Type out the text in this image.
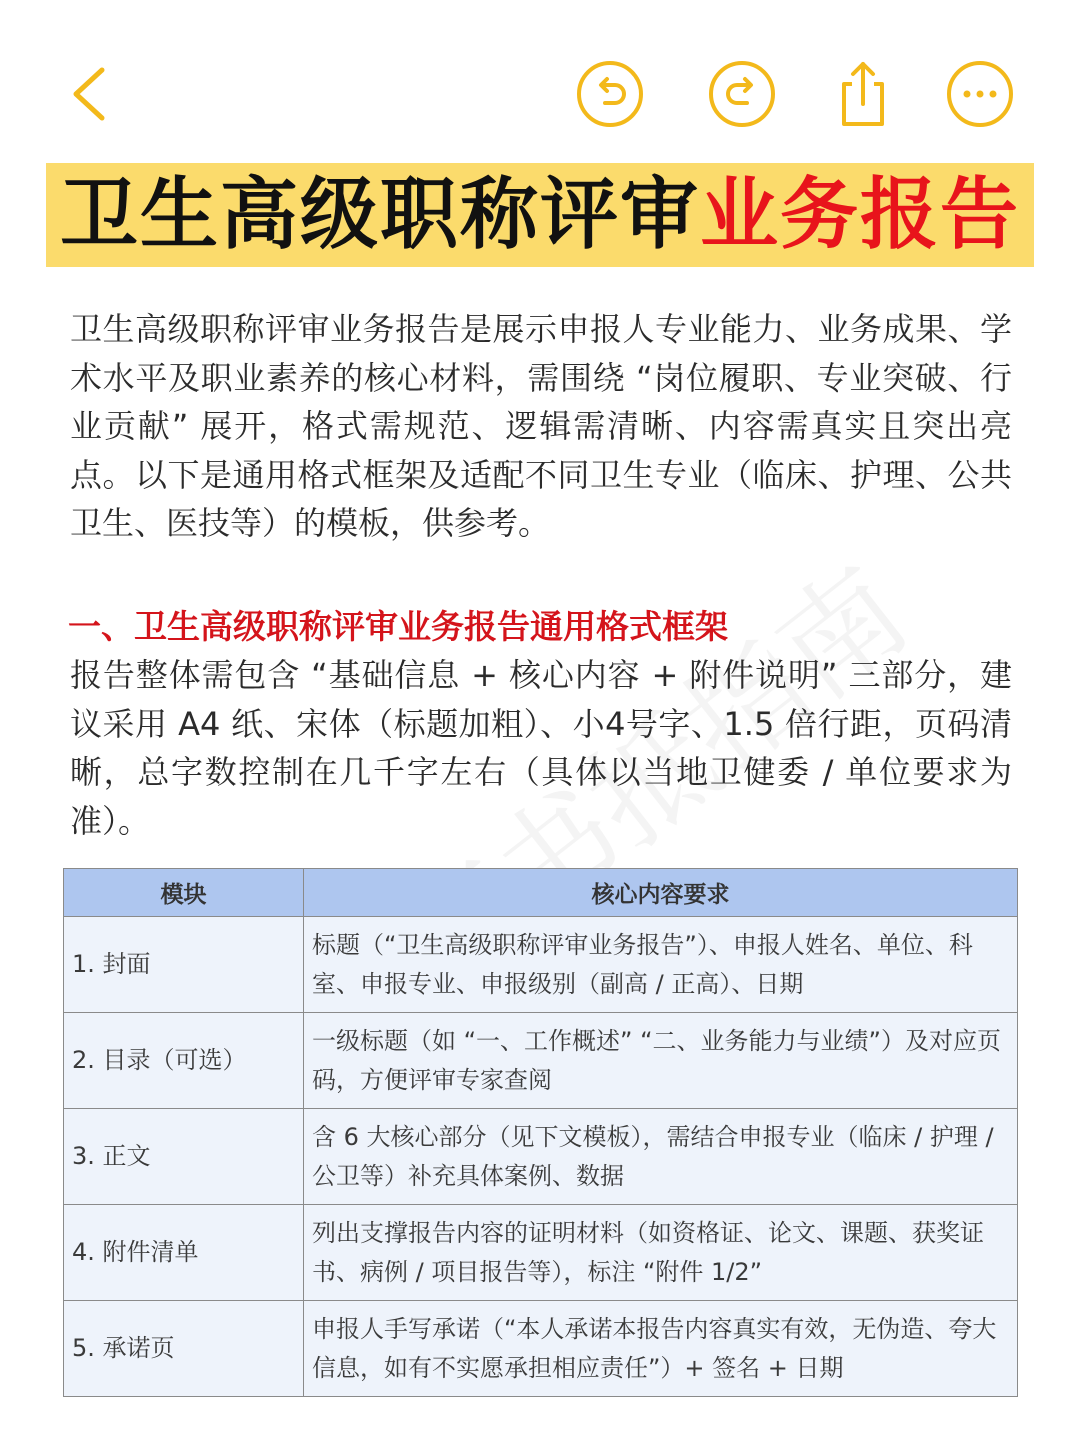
卫生高级职称评审 业务报告

卫生高级职称评审业务报告是展示申报人专业能力、业务成果、学术水平及职业素养的核心材料，需围绕 “岗位履职、专业突破、行业贡献” 展开，格式需规范、逻辑需清晰、内容需真实且突出亮点。以下是通用格式框架及适配不同卫生专业（临床、护理、公共卫生、医技等）的模板，供参考。

一、卫生高级职称评审业务报告通用格式框架

报告整体需包含 “基础信息 + 核心内容 + 附件说明” 三部分，建议采用 A4 纸、宋体（标题加粗）、小4号字、1.5 倍行距，页码清晰，总字数控制在几千字左右（具体以当地卫健委 / 单位要求为准）。

模块	核心内容要求
1. 封面	标题（“卫生高级职称评审业务报告”）、申报人姓名、单位、科室、申报专业、申报级别（副高 / 正高）、日期
2. 目录（可选）	一级标题（如 “一、工作概述” “二、业务能力与业绩”）及对应页码，方便评审专家查阅
3. 正文	含 6 大核心部分（见下文模板），需结合申报专业（临床 / 护理 / 公卫等）补充具体案例、数据
4. 附件清单	列出支撑报告内容的证明材料（如资格证、论文、课题、获奖证书、病例 / 项目报告等），标注 “附件 1/2”
5. 承诺页	申报人手写承诺（“本人承诺本报告内容真实有效，无伪造、夸大信息，如有不实愿承担相应责任”）+ 签名 + 日期
